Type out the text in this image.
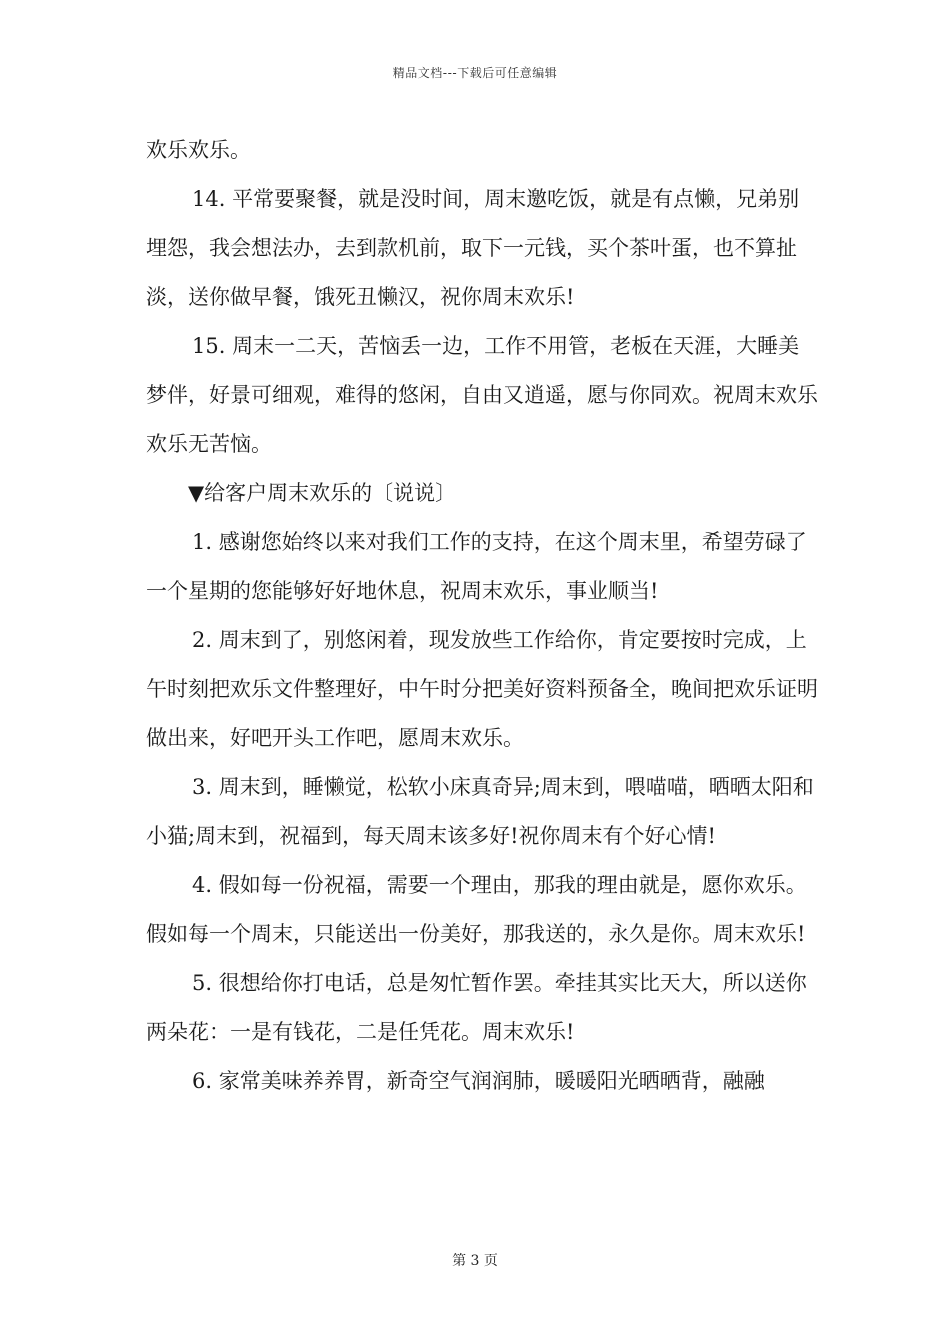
精品文档---下载后可任意编辑

欢乐欢乐。

14. 平常要聚餐，就是没时间，周末邀吃饭，就是有点懒，兄弟别埋怨，我会想法办，去到款机前，取下一元钱，买个茶叶蛋，也不算扯淡，送你做早餐，饿死丑懒汉，祝你周末欢乐!

15. 周末一二天，苦恼丢一边，工作不用管，老板在天涯，大睡美梦伴，好景可细观，难得的悠闲，自由又逍遥，愿与你同欢。祝周末欢乐欢乐无苦恼。

▼给客户周末欢乐的〔说说〕

1. 感谢您始终以来对我们工作的支持，在这个周末里，希望劳碌了一个星期的您能够好好地休息，祝周末欢乐，事业顺当!

2. 周末到了，别悠闲着，现发放些工作给你，肯定要按时完成，上午时刻把欢乐文件整理好，中午时分把美好资料预备全，晚间把欢乐证明做出来，好吧开头工作吧，愿周末欢乐。

3. 周末到，睡懒觉，松软小床真奇异;周末到，喂喵喵，晒晒太阳和小猫;周末到，祝福到，每天周末该多好!祝你周末有个好心情!

4. 假如每一份祝福，需要一个理由，那我的理由就是，愿你欢乐。假如每一个周末，只能送出一份美好，那我送的，永久是你。周末欢乐!

5. 很想给你打电话，总是匆忙暂作罢。牵挂其实比天大，所以送你两朵花：一是有钱花，二是任凭花。周末欢乐!

6. 家常美味养养胃，新奇空气润润肺，暖暖阳光晒晒背，融融

第 3 页
